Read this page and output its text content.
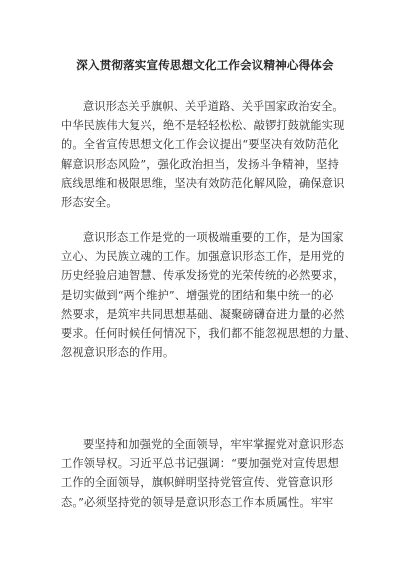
深入贯彻落实宣传思想文化工作会议精神心得体会
意识形态关乎旗帜、关乎道路、关乎国家政治安全。
中华民族伟大复兴，绝不是轻轻松松、敲锣打鼓就能实现
的。全省宣传思想文化工作会议提出“要坚决有效防范化
解意识形态风险”，强化政治担当，发扬斗争精神，坚持
底线思维和极限思维，坚决有效防范化解风险，确保意识
形态安全。
意识形态工作是党的一项极端重要的工作，是为国家
立心、为民族立魂的工作。加强意识形态工作，是用党的
历史经验启迪智慧、传承发扬党的光荣传统的必然要求，
是切实做到“两个维护”、增强党的团结和集中统一的必
然要求，是筑牢共同思想基础、凝聚磅礴奋进力量的必然
要求。任何时候任何情况下，我们都不能忽视思想的力量、
忽视意识形态的作用。
要坚持和加强党的全面领导，牢牢掌握党对意识形态
工作领导权。习近平总书记强调：“要加强党对宣传思想
工作的全面领导，旗帜鲜明坚持党管宣传、党管意识形
态。”必须坚持党的领导是意识形态工作本质属性。牢牢
